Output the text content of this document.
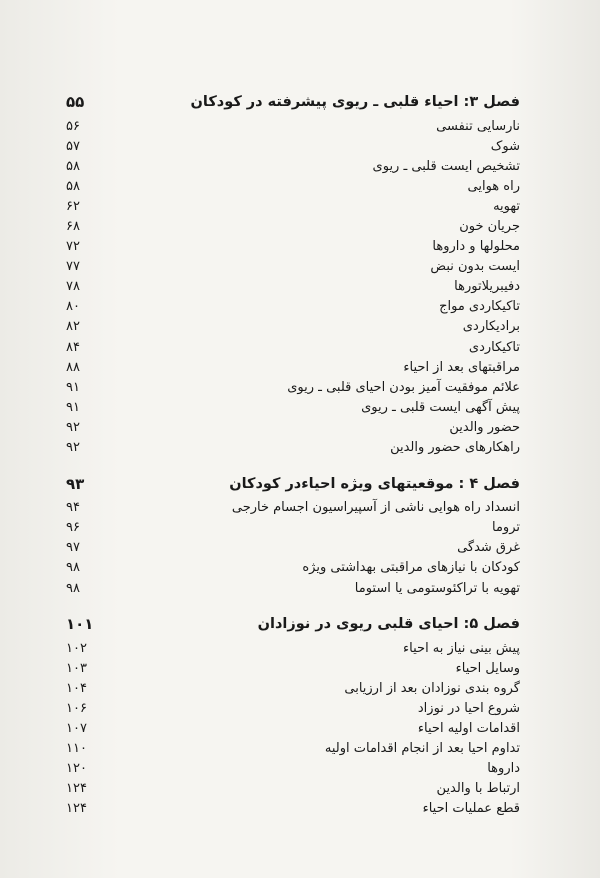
فصل ۳: احیاء قلبی ـ ریوی پیشرفته در کودکان
۵۵
نارسایی تنفسی
۵۶
شوک
۵۷
تشخیص ایست قلبی ـ ریوی
۵۸
راه هوایی
۵۸
تهویه
۶۲
جریان خون
۶۸
محلولها و داروها
۷۲
ایست بدون نبض
۷۷
دفیبریلاتورها
۷۸
تاکیکاردی مواج
۸۰
برادیکاردی
۸۲
تاکیکاردی
۸۴
مراقبتهای بعد از احیاء
۸۸
علائم موفقیت آمیز بودن احیای قلبی ـ ریوی
۹۱
پیش آگهی ایست قلبی ـ ریوی
۹۱
حضور والدین
۹۲
راهکارهای حضور والدین
۹۲
فصل ۴ : موقعیتهای ویژه احیاءدر کودکان
۹۳
انسداد راه هوایی ناشی از آسپیراسیون اجسام خارجی
۹۴
تروما
۹۶
غرق شدگی
۹۷
کودکان با نیازهای مراقبتی بهداشتی ویژه
۹۸
تهویه با تراکئوستومی یا استوما
۹۸
فصل ۵: احیای قلبی ریوی در نوزادان
۱۰۱
پیش بینی نیاز به احیاء
۱۰۲
وسایل احیاء
۱۰۳
گروه بندی نوزادان بعد از ارزیابی
۱۰۴
شروع احیا در نوزاد
۱۰۶
اقدامات اولیه احیاء
۱۰۷
تداوم احیا بعد از انجام اقدامات اولیه
۱۱۰
داروها
۱۲۰
ارتباط با والدین
۱۲۴
قطع عملیات احیاء
۱۲۴
